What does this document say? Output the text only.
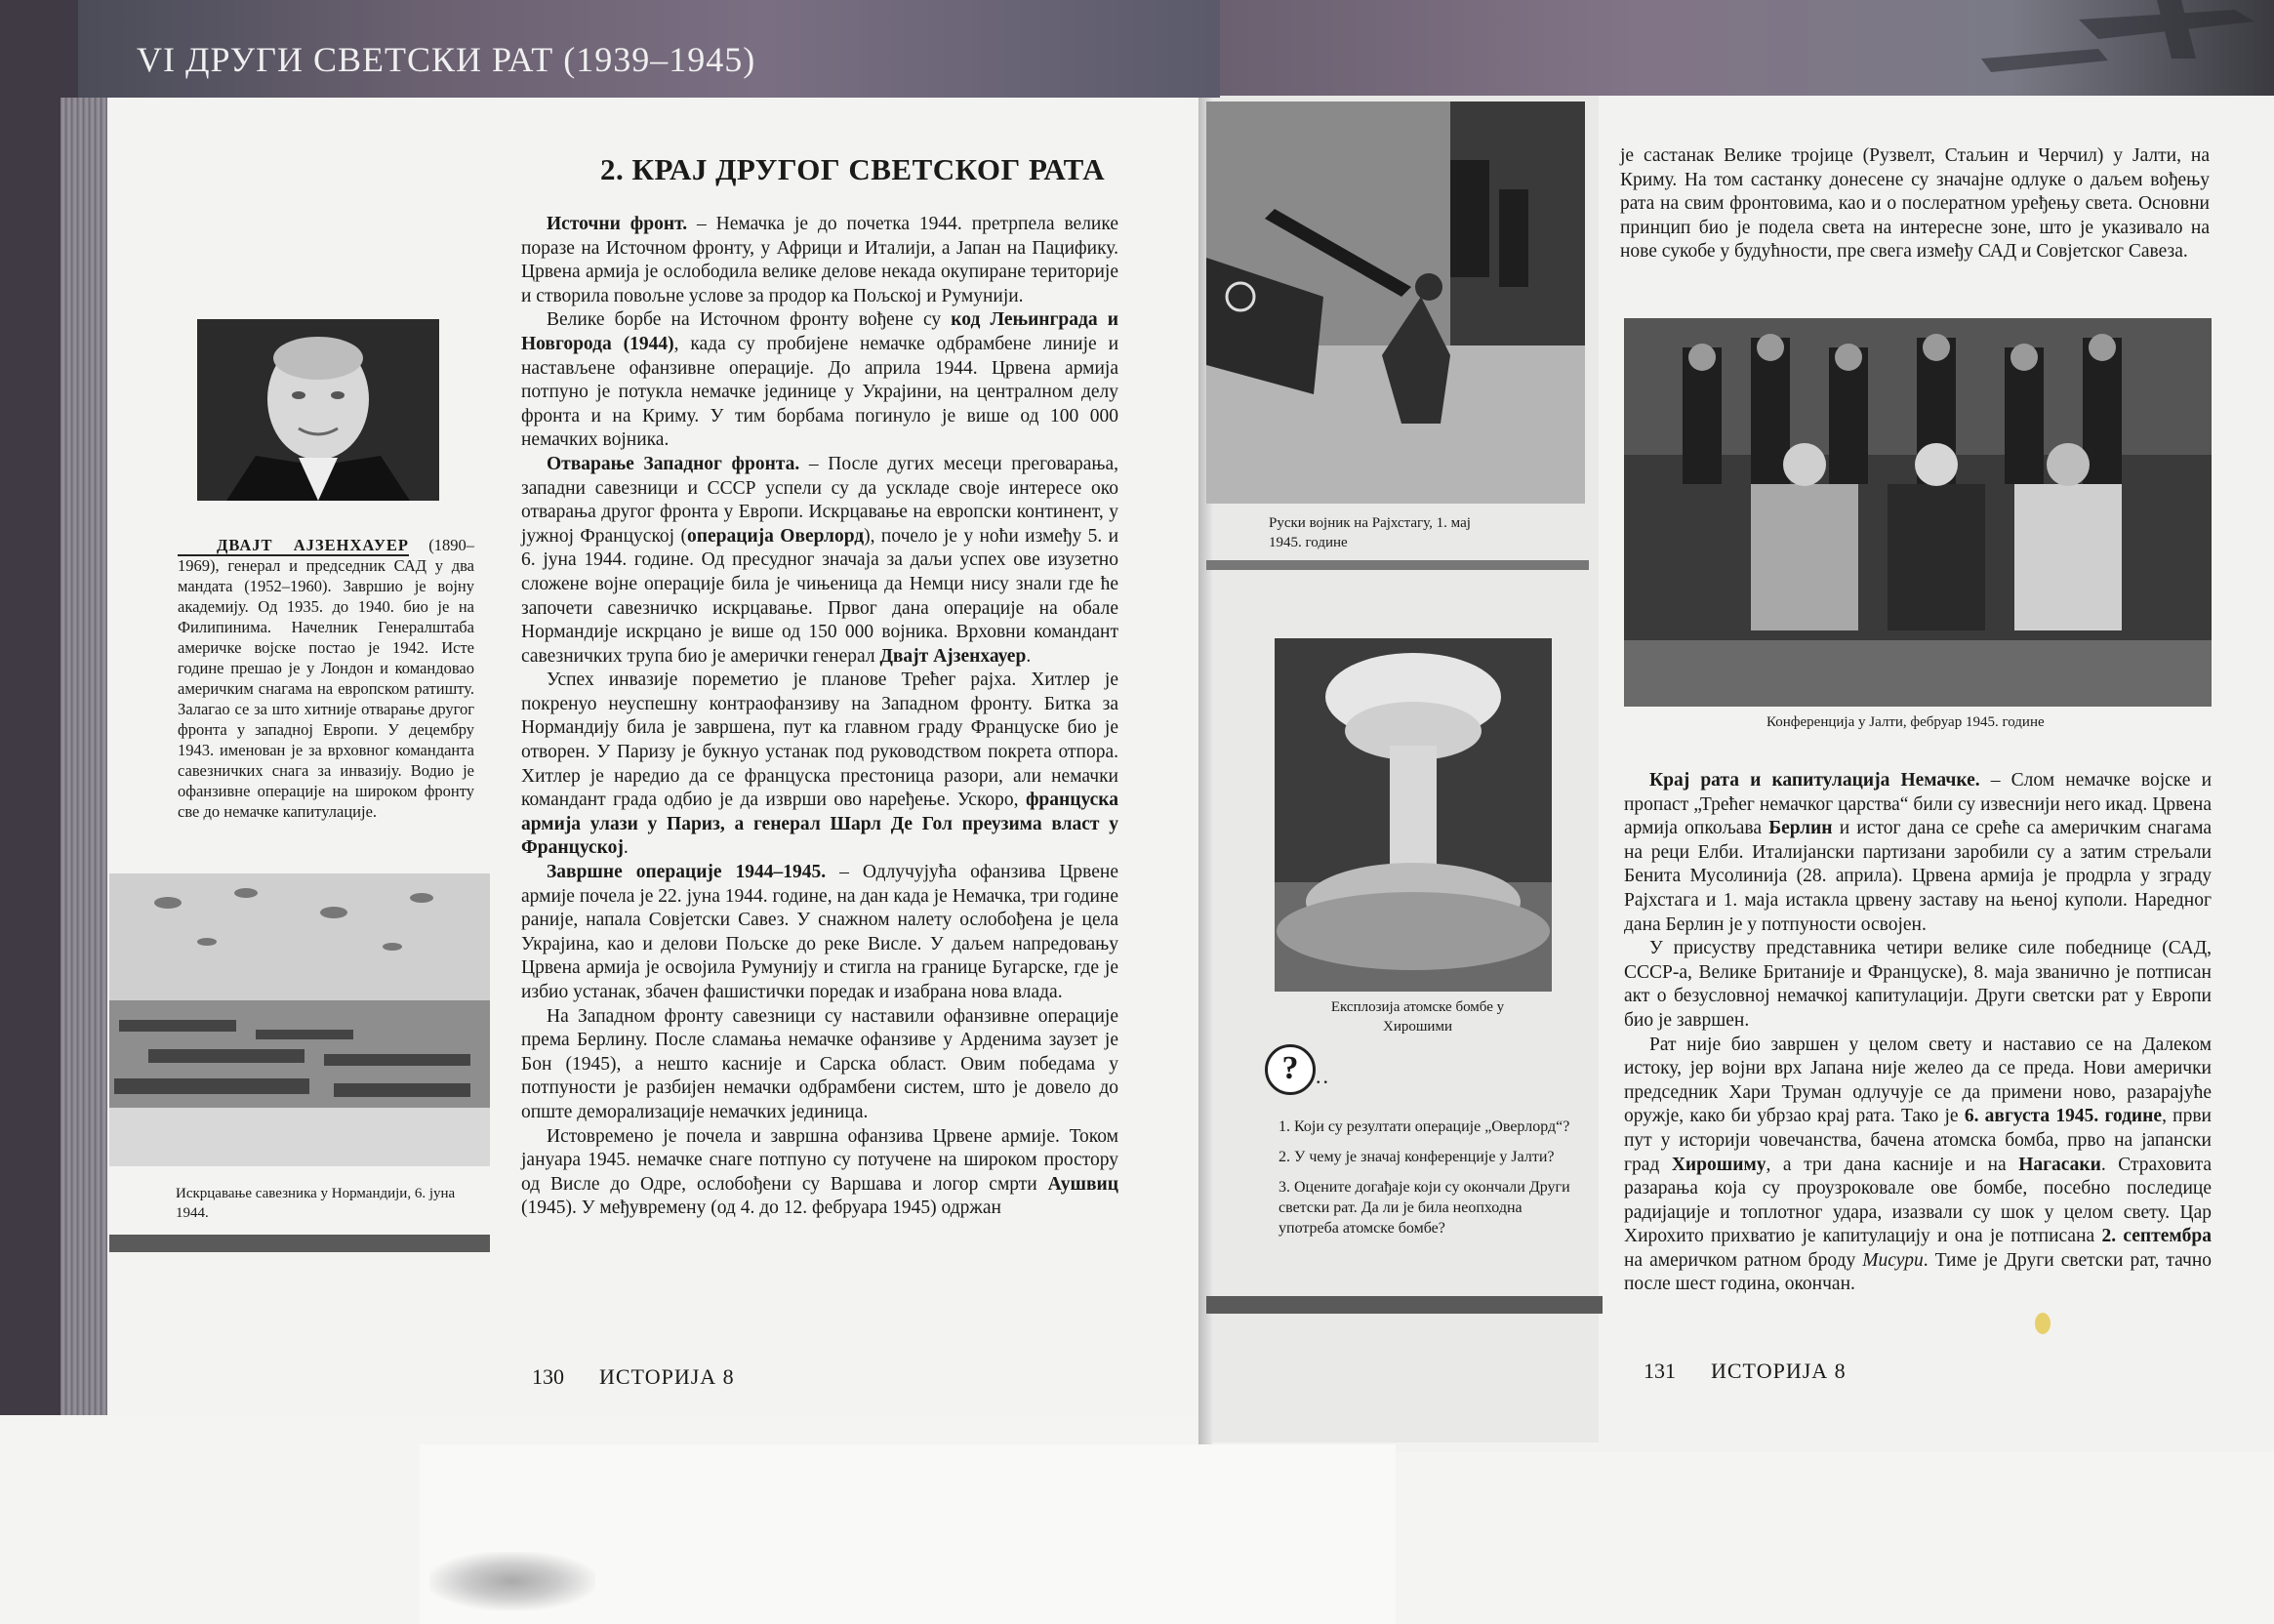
VI ДРУГИ СВЕТСКИ РАТ (1939–1945)
2. КРАЈ ДРУГОГ СВЕТСКОГ РАТА
ДВАЈТ АЈЗЕНХАУЕР (1890–1969), генерал и председник САД у два мандата (1952–1960). Завршио је војну академију. Од 1935. до 1940. био је на Филипинима. Начелник Генералштаба америчке војске постао је 1942. Исте године прешао је у Лондон и командовао америчким снагама на европском ратишту. Залагао се за што хитније отварање другог фронта у западној Европи. У децембру 1943. именован је за врховног команданта савезничких снага за инвазију. Водио је офанзивне операције на широком фронту све до немачке капитулације.
Искрцавање савезника у Нормандији, 6. јуна 1944.

Источни фронт. – Немачка је до почетка 1944. претрпела велике поразе на Источном фронту, у Африци и Италији, а Јапан на Пацифику. Црвена армија је ослободила велике делове некада окупиране територије и створила повољне услове за продор ка Пољској и Румунији.

Велике борбе на Источном фронту вођене су код Лењинграда и Новгорода (1944), када су пробијене немачке одбрамбене линије и настављене офанзивне операције. До априла 1944. Црвена армија потпуно је потукла немачке јединице у Украјини, на централном делу фронта и на Криму. У тим борбама погинуло је више од 100 000 немачких војника.

Отварање Западног фронта. – После дугих месеци преговарања, западни савезници и СССР успели су да ускладе своје интересе око отварања другог фронта у Европи. Искрцавање на европски континент, у јужној Француској (операција Оверлорд), почело је у ноћи између 5. и 6. јуна 1944. године. Од пресудног значаја за даљи успех ове изузетно сложене војне операције била је чињеница да Немци нису знали где ће започети савезничко искрцавање. Првог дана операције на обале Нормандије искрцано је више од 150 000 војника. Врховни командант савезничких трупа био је амерички генерал Двајт Ајзенхауер.

Успех инвазије пореметио је планове Трећег рајха. Хитлер је покренуо неуспешну контраофанзиву на Западном фронту. Битка за Нормандију била је завршена, пут ка главном граду Француске био је отворен. У Паризу је букнуо устанак под руководством покрета отпора. Хитлер је наредио да се француска престоница разори, али немачки командант града одбио је да изврши ово наређење. Ускоро, француска армија улази у Париз, а генерал Шарл Де Гол преузима власт у Француској.

Завршне операције 1944–1945. – Одлучујућа офанзива Црвене армије почела је 22. јуна 1944. године, на дан када је Немачка, три године раније, напала Совјетски Савез. У снажном налету ослобођена је цела Украјина, као и делови Пољске до реке Висле. У даљем напредовању Црвена армија је освојила Румунију и стигла на границе Бугарске, где је избио устанак, збачен фашистички поредак и изабрана нова влада.

На Западном фронту савезници су наставили офанзивне операције према Берлину. После сламања немачке офанзиве у Арденима заузет је Бон (1945), а нешто касније и Сарска област. Овим победама у потпуности је разбијен немачки одбрамбени систем, што је довело до опште деморализације немачких јединица.

Истовремено је почела и завршна офанзива Црвене армије. Током јануара 1945. немачке снаге потпуно су потучене на широком простору од Висле до Одре, ослобођени су Варшава и логор смрти Аушвиц (1945). У међувремену (од 4. до 12. фебруара 1945) одржан

130 ИСТОРИЈА 8
Руски војник на Рајхстагу, 1. мај 1945. године
Експлозија атомске бомбе у Хирошими
? ..
1. Који су резултати операције „Оверлорд“?
2. У чему је значај конференције у Јалти?
3. Оцените догађаје који су окончали Други светски рат. Да ли је била неопходна употреба атомске бомбе?
је састанак Велике тројице (Рузвелт, Стаљин и Черчил) у Јалти, на Криму. На том састанку донесене су значајне одлуке о даљем вођењу рата на свим фронтовима, као и о послератном уређењу света. Основни принцип био је подела света на интересне зоне, што је указивало на нове сукобе у будућности, пре свега између САД и Совјетског Савеза.
Конференција у Јалти, фебруар 1945. године

Крај рата и капитулација Немачке. – Слом немачке војске и пропаст „Трећег немачког царства“ били су извеснији него икад. Црвена армија опкољава Берлин и истог дана се среће са америчким снагама на реци Елби. Италијански партизани заробили су а затим стрељали Бенита Мусолинија (28. априла). Црвена армија је продрла у зграду Рајхстага и 1. маја истакла црвену заставу на њеној куполи. Наредног дана Берлин је у потпуности освојен.

У присуству представника четири велике силе победнице (САД, СССР-а, Велике Британије и Француске), 8. маја званично је потписан акт о безусловној немачкој капитулацији. Други светски рат у Европи био је завршен.

Рат није био завршен у целом свету и наставио се на Далеком истоку, јер војни врх Јапана није желео да се преда. Нови амерички председник Хари Труман одлучује се да примени ново, разарајуће оружје, како би убрзао крај рата. Тако је 6. августа 1945. године, први пут у историји човечанства, бачена атомска бомба, прво на јапански град Хирошиму, а три дана касније и на Нагасаки. Страховита разарања која су проузроковале ове бомбе, посебно последице радијације и топлотног удара, изазвали су шок у целом свету. Цар Хирохито прихватио је капитулацију и она је потписана 2. септембра на америчком ратном броду Мисури. Тиме је Други светски рат, тачно после шест година, окончан.

131 ИСТОРИЈА 8
